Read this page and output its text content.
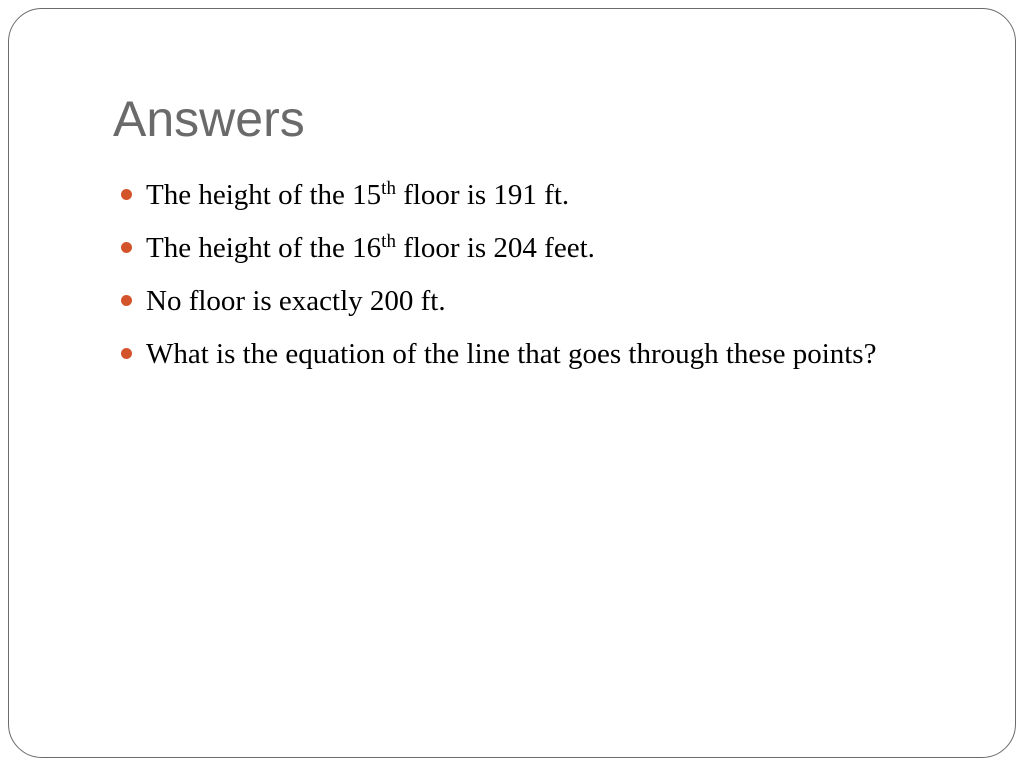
Answers
The height of the 15th floor is 191 ft.
The height of the 16th floor is 204 feet.
No floor is exactly 200 ft.
What is the equation of the line that goes through these points?
